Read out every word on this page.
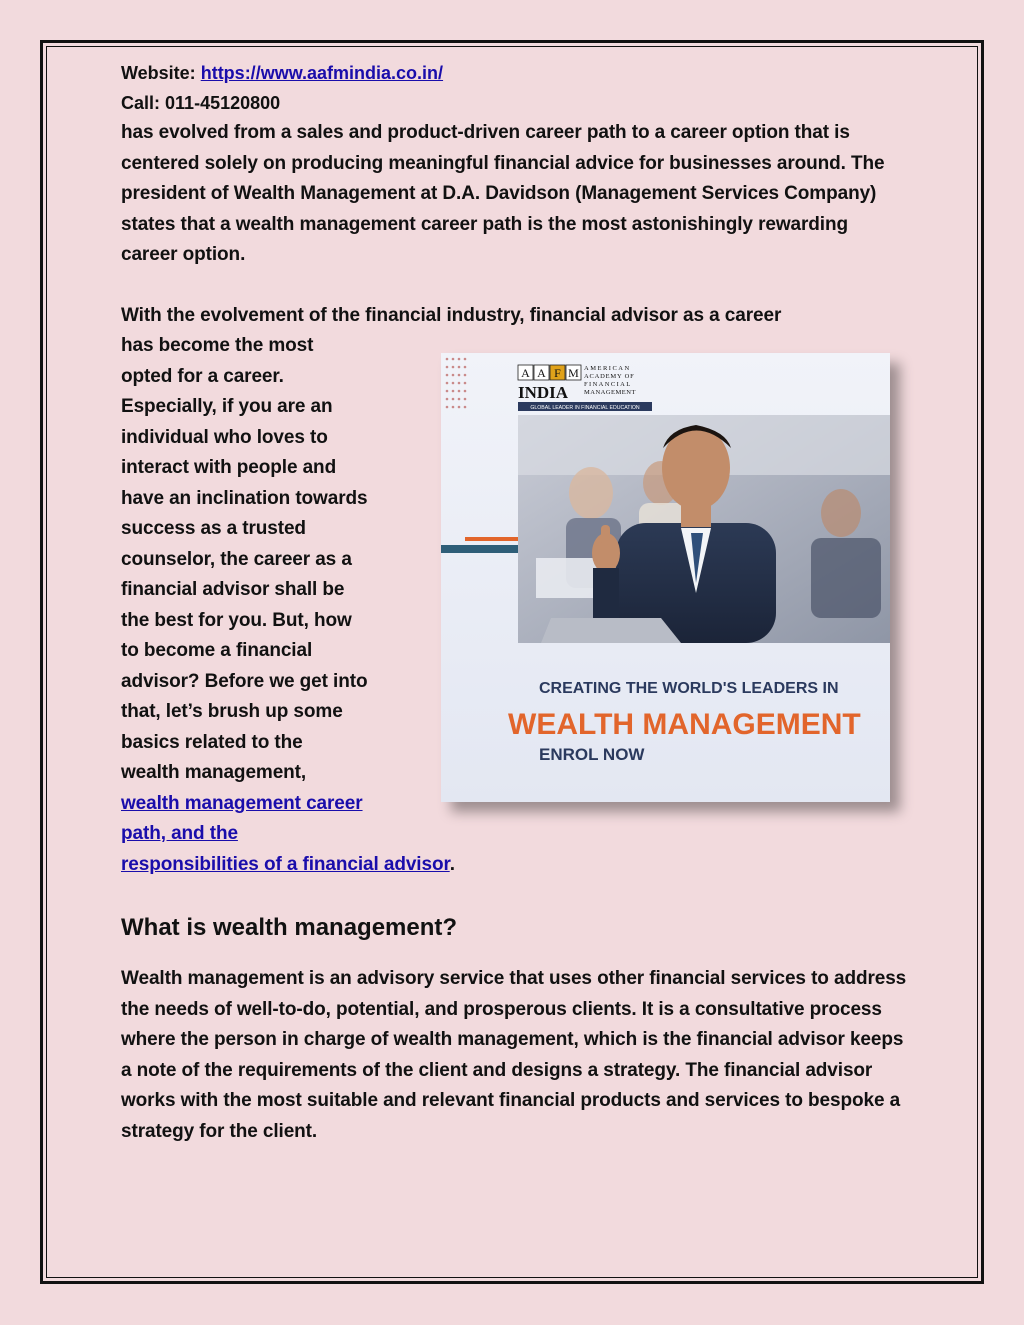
Website: https://www.aafmindia.co.in/
Call: 011-45120800

has evolved from a sales and product-driven career path to a career option that is centered solely on producing meaningful financial advice for businesses around. The president of Wealth Management at D.A. Davidson (Management Services Company) states that a wealth management career path is the most astonishingly rewarding career option.

With the evolvement of the financial industry, financial advisor as a career

has become the most

opted for a career.

Especially, if you are an

individual who loves to

interact with people and

have an inclination towards

success as a trusted

counselor, the career as a

financial advisor shall be

the best for you. But, how

to become a financial

advisor? Before we get into

that, let’s brush up some

basics related to the

wealth management,

wealth management career

path, and the

responsibilities of a financial advisor.

What is wealth management?

Wealth management is an advisory service that uses other financial services to address the needs of well-to-do, potential, and prosperous clients. It is a consultative process where the person in charge of wealth management, which is the financial advisor keeps a note of the requirements of the client and designs a strategy. The financial advisor works with the most suitable and relevant financial products and services to bespoke a strategy for the client.

A A F M
INDIA
AMERICAN
ACADEMY OF
FINANCIAL
MANAGEMENT
GLOBAL LEADER IN FINANCIAL EDUCATION
CREATING THE WORLD'S LEADERS IN
WEALTH MANAGEMENT
ENROL NOW
